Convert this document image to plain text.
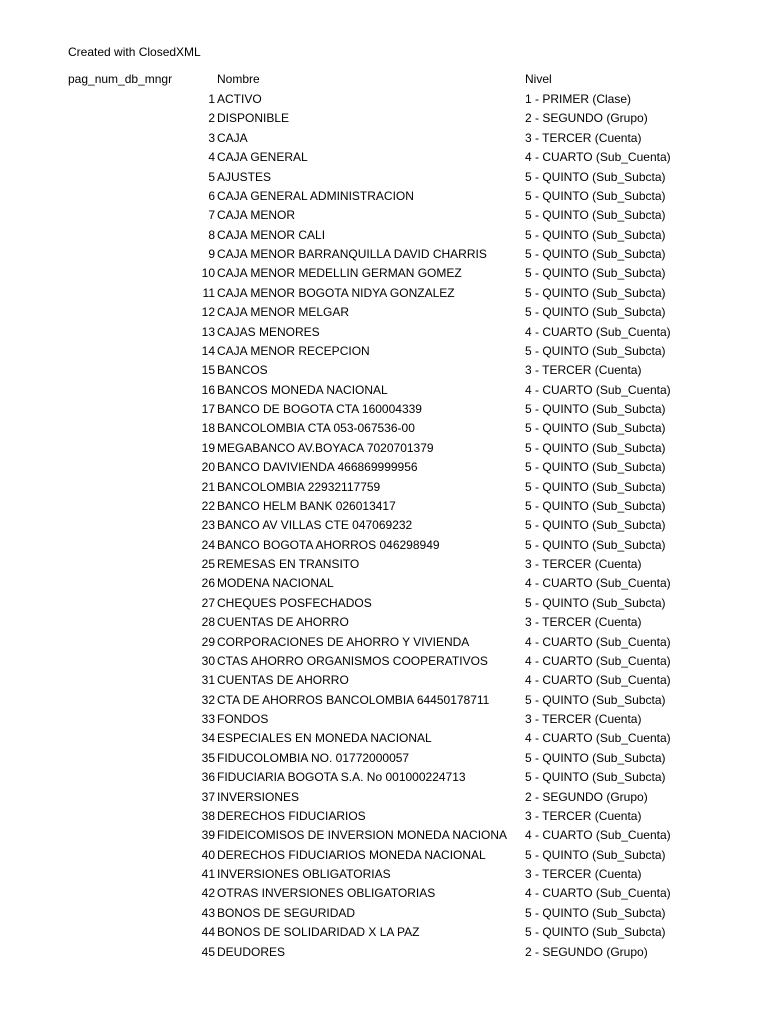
Created with ClosedXML
pag_num_db_mngr	Nombre	Nivel
1 ACTIVO	1 - PRIMER (Clase)
2 DISPONIBLE	2 - SEGUNDO (Grupo)
3 CAJA	3 - TERCER (Cuenta)
4 CAJA GENERAL	4 - CUARTO (Sub_Cuenta)
5 AJUSTES	5 - QUINTO (Sub_Subcta)
6 CAJA GENERAL ADMINISTRACION	5 - QUINTO (Sub_Subcta)
7 CAJA MENOR	5 - QUINTO (Sub_Subcta)
8 CAJA MENOR CALI	5 - QUINTO (Sub_Subcta)
9 CAJA MENOR BARRANQUILLA DAVID CHARRIS	5 - QUINTO (Sub_Subcta)
10 CAJA MENOR MEDELLIN GERMAN GOMEZ	5 - QUINTO (Sub_Subcta)
11 CAJA MENOR BOGOTA NIDYA GONZALEZ	5 - QUINTO (Sub_Subcta)
12 CAJA MENOR MELGAR	5 - QUINTO (Sub_Subcta)
13 CAJAS MENORES	4 - CUARTO (Sub_Cuenta)
14 CAJA MENOR RECEPCION	5 - QUINTO (Sub_Subcta)
15 BANCOS	3 - TERCER (Cuenta)
16 BANCOS MONEDA NACIONAL	4 - CUARTO (Sub_Cuenta)
17 BANCO DE BOGOTA CTA 160004339	5 - QUINTO (Sub_Subcta)
18 BANCOLOMBIA CTA 053-067536-00	5 - QUINTO (Sub_Subcta)
19 MEGABANCO AV.BOYACA 7020701379	5 - QUINTO (Sub_Subcta)
20 BANCO DAVIVIENDA 466869999956	5 - QUINTO (Sub_Subcta)
21 BANCOLOMBIA 22932117759	5 - QUINTO (Sub_Subcta)
22 BANCO HELM BANK 026013417	5 - QUINTO (Sub_Subcta)
23 BANCO AV VILLAS CTE 047069232	5 - QUINTO (Sub_Subcta)
24 BANCO BOGOTA AHORROS 046298949	5 - QUINTO (Sub_Subcta)
25 REMESAS EN TRANSITO	3 - TERCER (Cuenta)
26 MODENA NACIONAL	4 - CUARTO (Sub_Cuenta)
27 CHEQUES POSFECHADOS	5 - QUINTO (Sub_Subcta)
28 CUENTAS DE AHORRO	3 - TERCER (Cuenta)
29 CORPORACIONES DE AHORRO Y VIVIENDA	4 - CUARTO (Sub_Cuenta)
30 CTAS AHORRO ORGANISMOS COOPERATIVOS	4 - CUARTO (Sub_Cuenta)
31 CUENTAS DE AHORRO	4 - CUARTO (Sub_Cuenta)
32 CTA DE AHORROS BANCOLOMBIA 64450178711	5 - QUINTO (Sub_Subcta)
33 FONDOS	3 - TERCER (Cuenta)
34 ESPECIALES EN MONEDA NACIONAL	4 - CUARTO (Sub_Cuenta)
35 FIDUCOLOMBIA NO. 01772000057	5 - QUINTO (Sub_Subcta)
36 FIDUCIARIA BOGOTA S.A. No 001000224713	5 - QUINTO (Sub_Subcta)
37 INVERSIONES	2 - SEGUNDO (Grupo)
38 DERECHOS FIDUCIARIOS	3 - TERCER (Cuenta)
39 FIDEICOMISOS DE INVERSION MONEDA NACIONA	4 - CUARTO (Sub_Cuenta)
40 DERECHOS FIDUCIARIOS MONEDA NACIONAL	5 - QUINTO (Sub_Subcta)
41 INVERSIONES OBLIGATORIAS	3 - TERCER (Cuenta)
42 OTRAS INVERSIONES OBLIGATORIAS	4 - CUARTO (Sub_Cuenta)
43 BONOS DE SEGURIDAD	5 - QUINTO (Sub_Subcta)
44 BONOS DE SOLIDARIDAD X LA PAZ	5 - QUINTO (Sub_Subcta)
45 DEUDORES	2 - SEGUNDO (Grupo)
